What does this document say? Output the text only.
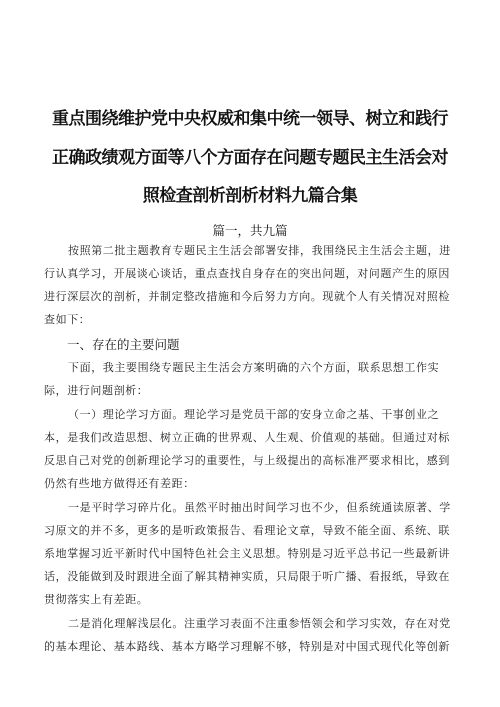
重点围绕维护党中央权威和集中统一领导、树立和践行
正确政绩观方面等八个方面存在问题专题民主生活会对
照检查剖析剖析材料九篇合集
篇一，共九篇
按照第二批主题教育专题民主生活会部署安排，我围绕民主生活会主题，进
行认真学习，开展谈心谈话，重点查找自身存在的突出问题，对问题产生的原因
进行深层次的剖析，并制定整改措施和今后努力方向。现就个人有关情况对照检
查如下：
一、存在的主要问题
下面，我主要围绕专题民主生活会方案明确的六个方面，联系思想工作实
际，进行问题剖析：
（一）理论学习方面。理论学习是党员干部的安身立命之基、干事创业之
本，是我们改造思想、树立正确的世界观、人生观、价值观的基础。但通过对标
反思自己对党的创新理论学习的重要性，与上级提出的高标准严要求相比，感到
仍然有些地方做得还有差距：
一是平时学习碎片化。虽然平时抽出时间学习也不少，但系统通读原著、学
习原文的并不多，更多的是听政策报告、看理论文章，导致不能全面、系统、联
系地掌握习近平新时代中国特色社会主义思想。特别是习近平总书记一些最新讲
话，没能做到及时跟进全面了解其精神实质，只局限于听广播、看报纸，导致在
贯彻落实上有差距。
二是消化理解浅层化。注重学习表面不注重参悟领会和学习实效，存在对党
的基本理论、基本路线、基本方略学习理解不够，特别是对中国式现代化等创新
